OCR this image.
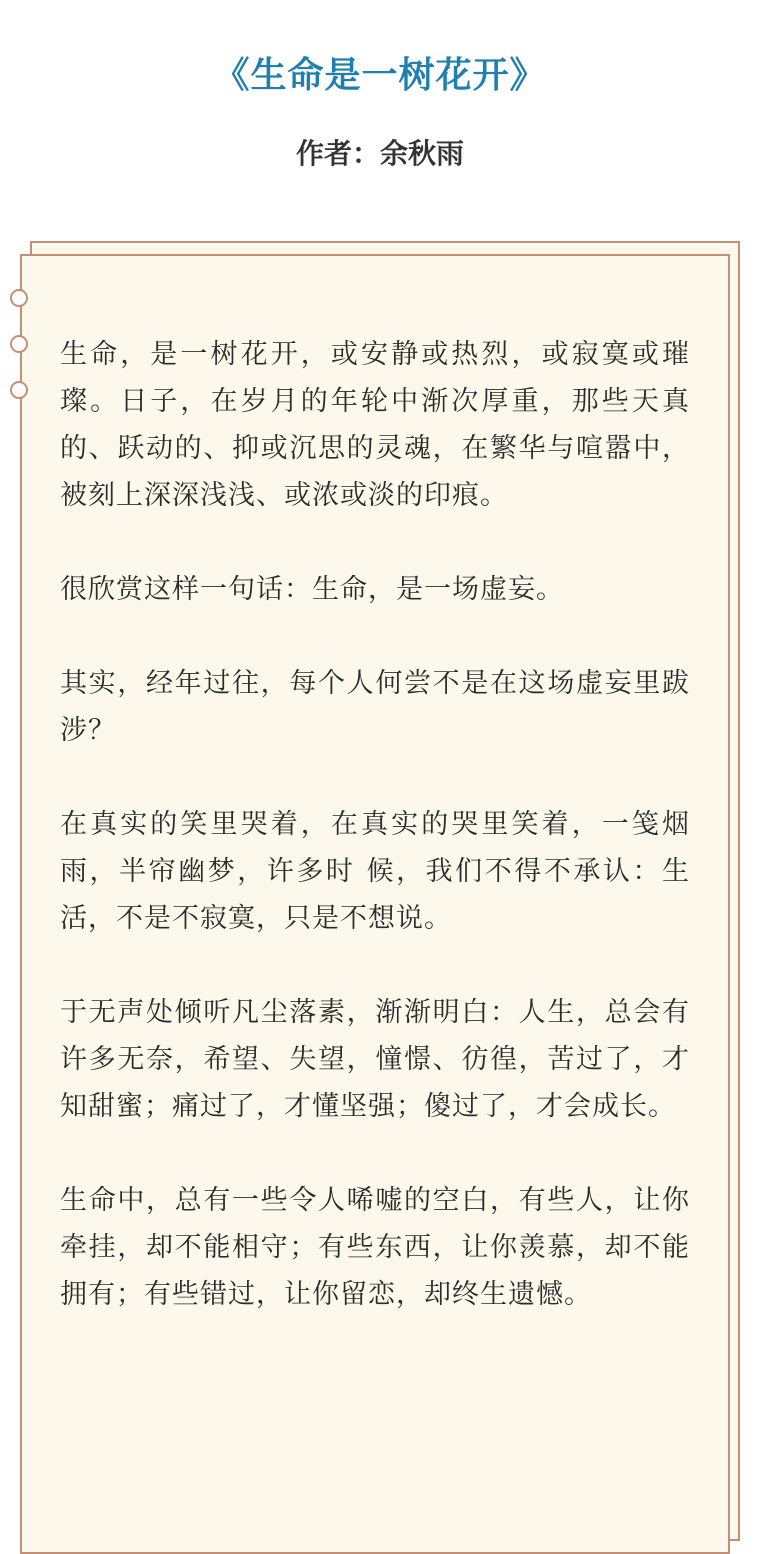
《生命是一树花开》
作者：余秋雨

生命，是一树花开，或安静或热烈，或寂寞或璀璨。日子，在岁月的年轮中渐次厚重，那些天真的、跃动的、抑或沉思的灵魂，在繁华与喧嚣中，被刻上深深浅浅、或浓或淡的印痕。

很欣赏这样一句话：生命，是一场虚妄。

其实，经年过往，每个人何尝不是在这场虚妄里跋涉？

在真实的笑里哭着，在真实的哭里笑着，一笺烟雨，半帘幽梦，许多时 候，我们不得不承认：生活，不是不寂寞，只是不想说。

于无声处倾听凡尘落素，渐渐明白：人生，总会有许多无奈，希望、失望，憧憬、彷徨，苦过了，才知甜蜜；痛过了，才懂坚强；傻过了，才会成长。

生命中，总有一些令人唏嘘的空白，有些人，让你牵挂，却不能相守；有些东西，让你羡慕，却不能拥有；有些错过，让你留恋，却终生遗憾。
